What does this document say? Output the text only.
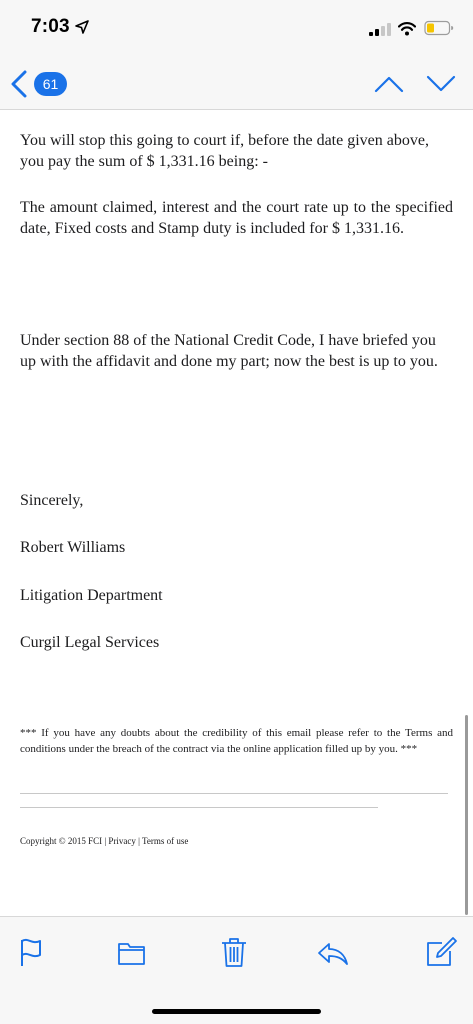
7:03
61

You will stop this going to court if, before the date given above, you pay the sum of $ 1,331.16 being: -

The amount claimed, interest and the court rate up to the specified date, Fixed costs and Stamp duty is included for $ 1,331.16.

Under section 88 of the National Credit Code, I have briefed you up with the affidavit and done my part; now the best is up to you.

Sincerely,

Robert Williams

Litigation Department

Curgil Legal Services

*** If you have any doubts about the credibility of this email please refer to the Terms and conditions under the breach of the contract via the online application filled up by you. ***

Copyright © 2015 FCI | Privacy | Terms of use
